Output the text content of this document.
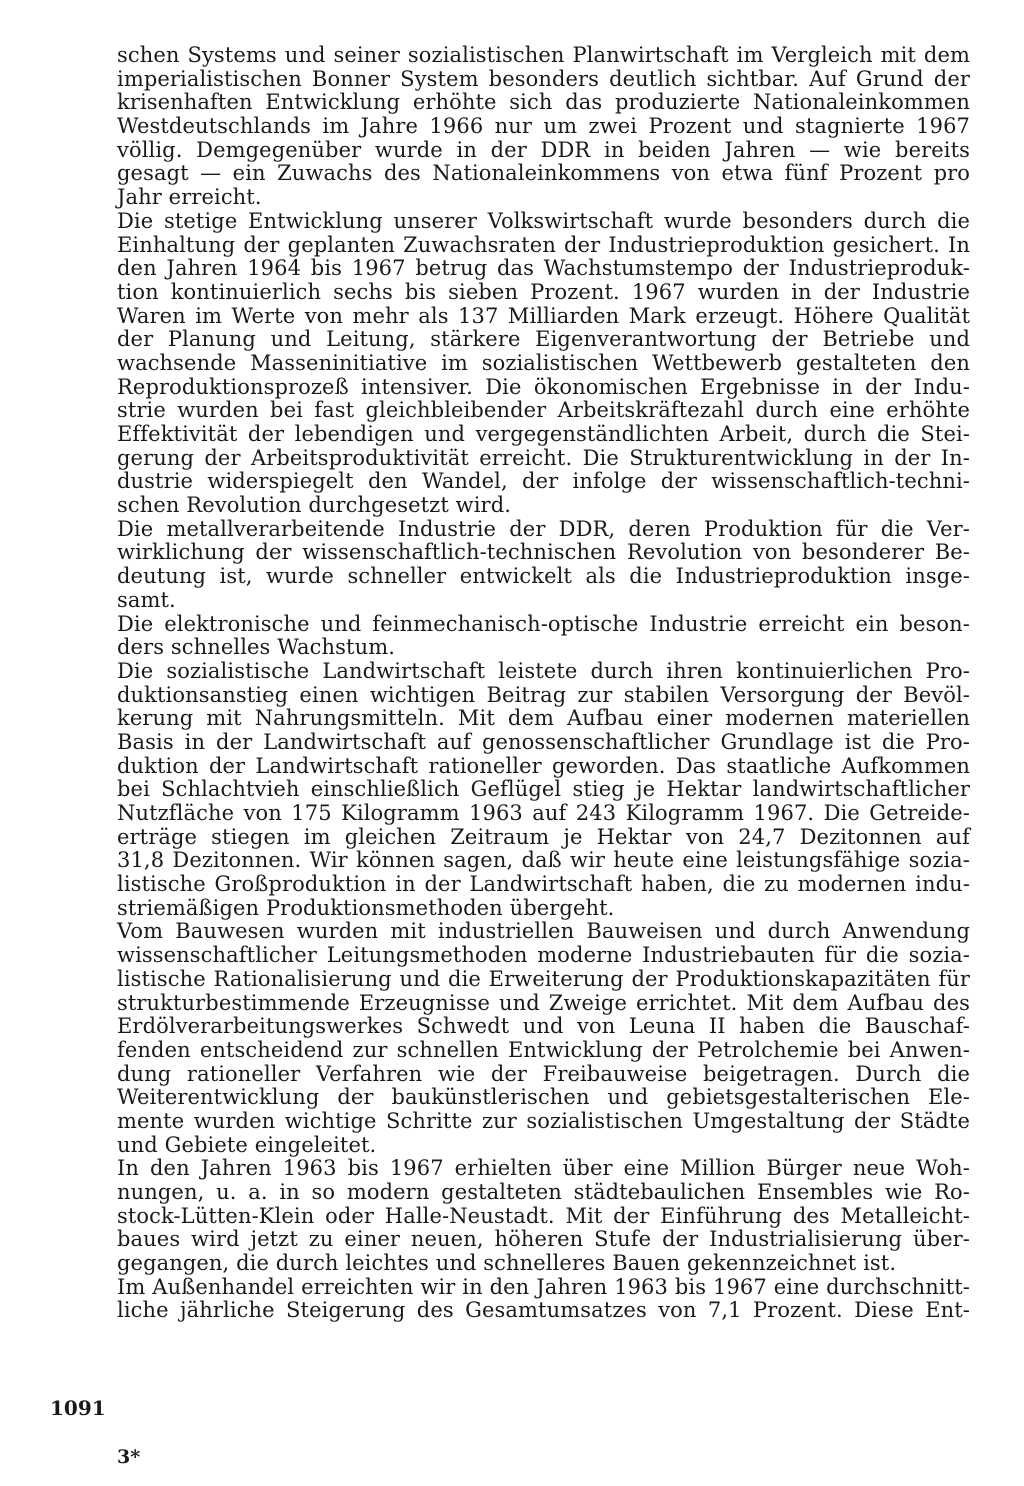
schen Systems und seiner sozialistischen Planwirtschaft im Vergleich mit dem
imperialistischen Bonner System besonders deutlich sichtbar. Auf Grund der
krisenhaften Entwicklung erhöhte sich das produzierte Nationaleinkommen
Westdeutschlands im Jahre 1966 nur um zwei Prozent und stagnierte 1967
völlig. Demgegenüber wurde in der DDR in beiden Jahren — wie bereits
gesagt — ein Zuwachs des Nationaleinkommens von etwa fünf Prozent pro
Jahr erreicht.
Die stetige Entwicklung unserer Volkswirtschaft wurde besonders durch die
Einhaltung der geplanten Zuwachsraten der Industrieproduktion gesichert. In
den Jahren 1964 bis 1967 betrug das Wachstumstempo der Industrieproduk-
tion kontinuierlich sechs bis sieben Prozent. 1967 wurden in der Industrie
Waren im Werte von mehr als 137 Milliarden Mark erzeugt. Höhere Qualität
der Planung und Leitung, stärkere Eigenverantwortung der Betriebe und
wachsende Masseninitiative im sozialistischen Wettbewerb gestalteten den
Reproduktionsprozeß intensiver. Die ökonomischen Ergebnisse in der Indu-
strie wurden bei fast gleichbleibender Arbeitskräftezahl durch eine erhöhte
Effektivität der lebendigen und vergegenständlichten Arbeit, durch die Stei-
gerung der Arbeitsproduktivität erreicht. Die Strukturentwicklung in der In-
dustrie widerspiegelt den Wandel, der infolge der wissenschaftlich-techni-
schen Revolution durchgesetzt wird.
Die metallverarbeitende Industrie der DDR, deren Produktion für die Ver-
wirklichung der wissenschaftlich-technischen Revolution von besonderer Be-
deutung ist, wurde schneller entwickelt als die Industrieproduktion insge-
samt.
Die elektronische und feinmechanisch-optische Industrie erreicht ein beson-
ders schnelles Wachstum.
Die sozialistische Landwirtschaft leistete durch ihren kontinuierlichen Pro-
duktionsanstieg einen wichtigen Beitrag zur stabilen Versorgung der Bevöl-
kerung mit Nahrungsmitteln. Mit dem Aufbau einer modernen materiellen
Basis in der Landwirtschaft auf genossenschaftlicher Grundlage ist die Pro-
duktion der Landwirtschaft rationeller geworden. Das staatliche Aufkommen
bei Schlachtvieh einschließlich Geflügel stieg je Hektar landwirtschaftlicher
Nutzfläche von 175 Kilogramm 1963 auf 243 Kilogramm 1967. Die Getreide-
erträge stiegen im gleichen Zeitraum je Hektar von 24,7 Dezitonnen auf
31,8 Dezitonnen. Wir können sagen, daß wir heute eine leistungsfähige sozia-
listische Großproduktion in der Landwirtschaft haben, die zu modernen indu-
striemäßigen Produktionsmethoden übergeht.
Vom Bauwesen wurden mit industriellen Bauweisen und durch Anwendung
wissenschaftlicher Leitungsmethoden moderne Industriebauten für die sozia-
listische Rationalisierung und die Erweiterung der Produktionskapazitäten für
strukturbestimmende Erzeugnisse und Zweige errichtet. Mit dem Aufbau des
Erdölverarbeitungswerkes Schwedt und von Leuna II haben die Bauschaf-
fenden entscheidend zur schnellen Entwicklung der Petrolchemie bei Anwen-
dung rationeller Verfahren wie der Freibauweise beigetragen. Durch die
Weiterentwicklung der baukünstlerischen und gebietsgestalterischen Ele-
mente wurden wichtige Schritte zur sozialistischen Umgestaltung der Städte
und Gebiete eingeleitet.
In den Jahren 1963 bis 1967 erhielten über eine Million Bürger neue Woh-
nungen, u. a. in so modern gestalteten städtebaulichen Ensembles wie Ro-
stock-Lütten-Klein oder Halle-Neustadt. Mit der Einführung des Metalleicht-
baues wird jetzt zu einer neuen, höheren Stufe der Industrialisierung über-
gegangen, die durch leichtes und schnelleres Bauen gekennzeichnet ist.
Im Außenhandel erreichten wir in den Jahren 1963 bis 1967 eine durchschnitt-
liche jährliche Steigerung des Gesamtumsatzes von 7,1 Prozent. Diese Ent-
1091
3*
